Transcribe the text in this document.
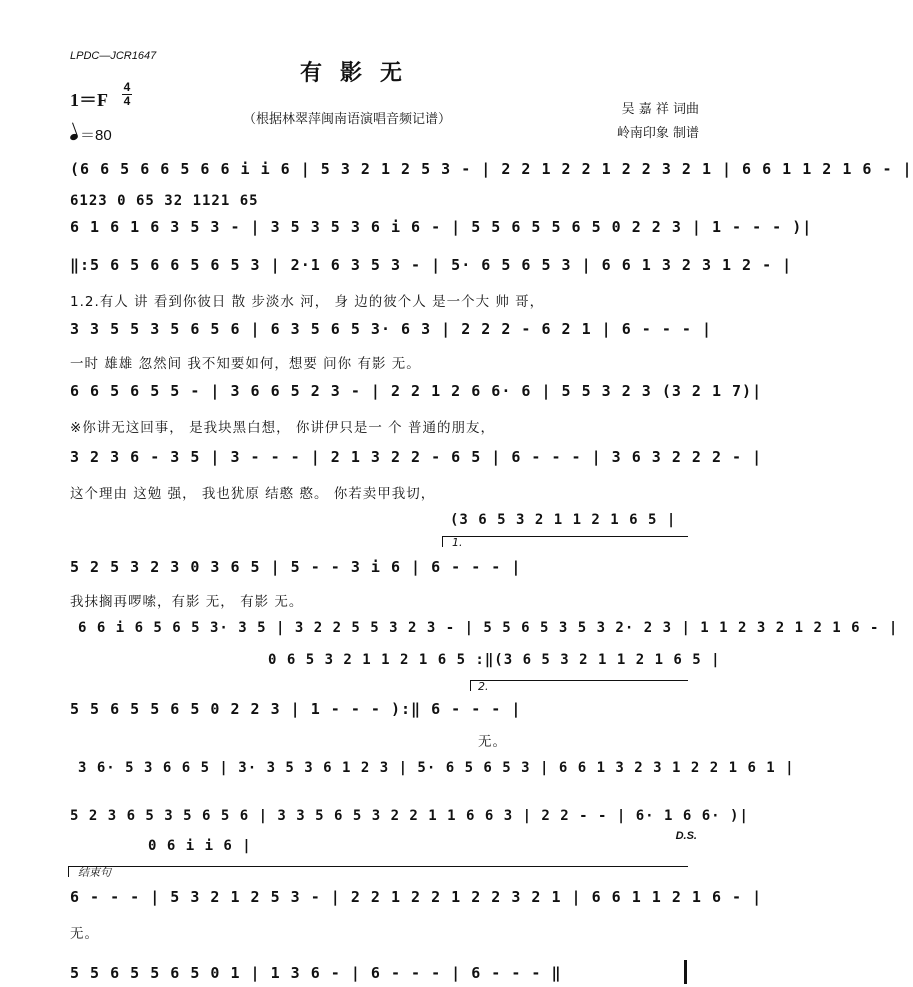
LPDC—JCR1647
有影无
（根据林翠萍闽南语演唱音频记谱）
吴 嘉 祥 词曲
岭南印象 制谱
1＝F
4
4
＝80
(6 6 5 6 6 5 6 6 i i 6 | 5 3 2 1 2 5 3 - | 2 2 1 2 2 1 2 2 3 2 1 | 6 6 1 1 2 1 6 - |
6123 0 65 32 1121 65
6 1 6 1 6 3 5 3 - | 3 5 3 5 3 6 i 6 - | 5 5 6 5 5 6 5 0 2 2 3 | 1 - - - )|
‖:5 6 5 6 6 5 6 5 3 | 2·1 6 3 5 3 - | 5· 6 5 6 5 3 | 6 6 1 3 2 3 1 2 - |
1.2.有人 讲 看到你彼日 散 步淡水 河， 身 边的彼个人 是一个大 帅 哥，
3 3 5 5 3 5 6 5 6 | 6 3 5 6 5 3· 6 3 | 2 2 2 - 6 2 1 | 6 - - - |
一时 雄雄 忽然间 我不知要如何，想要 问你 有影 无。
6 6 5 6 5 5 - | 3 6 6 5 2 3 - | 2 2 1 2 6 6· 6 | 5 5 3 2 3 (3 2 1 7)|
※你讲无这回事， 是我块黑白想， 你讲伊只是一 个 普通的朋友，
3 2 3 6 - 3 5 | 3 - - - | 2 1 3 2 2 - 6 5 | 6 - - - | 3 6 3 2 2 2 - |
这个理由 这勉 强， 我也犹原 结憨 憨。 你若卖甲我切，
(3 6 5 3 2 1 1 2 1 6 5 |
1.
5 2 5 3 2 3 0 3 6 5 | 5 - - 3 i 6 | 6 - - - |
我抹搁再啰嗦，有影 无， 有影 无。
6 6 i 6 5 6 5 3· 3 5 | 3 2 2 5 5 3 2 3 - | 5 5 6 5 3 5 3 2· 2 3 | 1 1 2 3 2 1 2 1 6 - |
0 6 5 3 2 1 1 2 1 6 5 :‖(3 6 5 3 2 1 1 2 1 6 5 |
2.
5 5 6 5 5 6 5 0 2 2 3 | 1 - - - ):‖ 6 - - - |
无。
3 6· 5 3 6 6 5 | 3· 3 5 3 6 1 2 3 | 5· 6 5 6 5 3 | 6 6 1 3 2 3 1 2 2 1 6 1 |
5 2 3 6 5 3 5 6 5 6 | 3 3 5 6 5 3 2 2 1 1 6 6 3 | 2 2 - - | 6· 1 6 6· )|
D.S.
0 6 i i 6 |
结束句
6 - - - | 5 3 2 1 2 5 3 - | 2 2 1 2 2 1 2 2 3 2 1 | 6 6 1 1 2 1 6 - |
无。
5 5 6 5 5 6 5 0 1 | 1 3 6 - | 6 - - - | 6 - - - ‖
